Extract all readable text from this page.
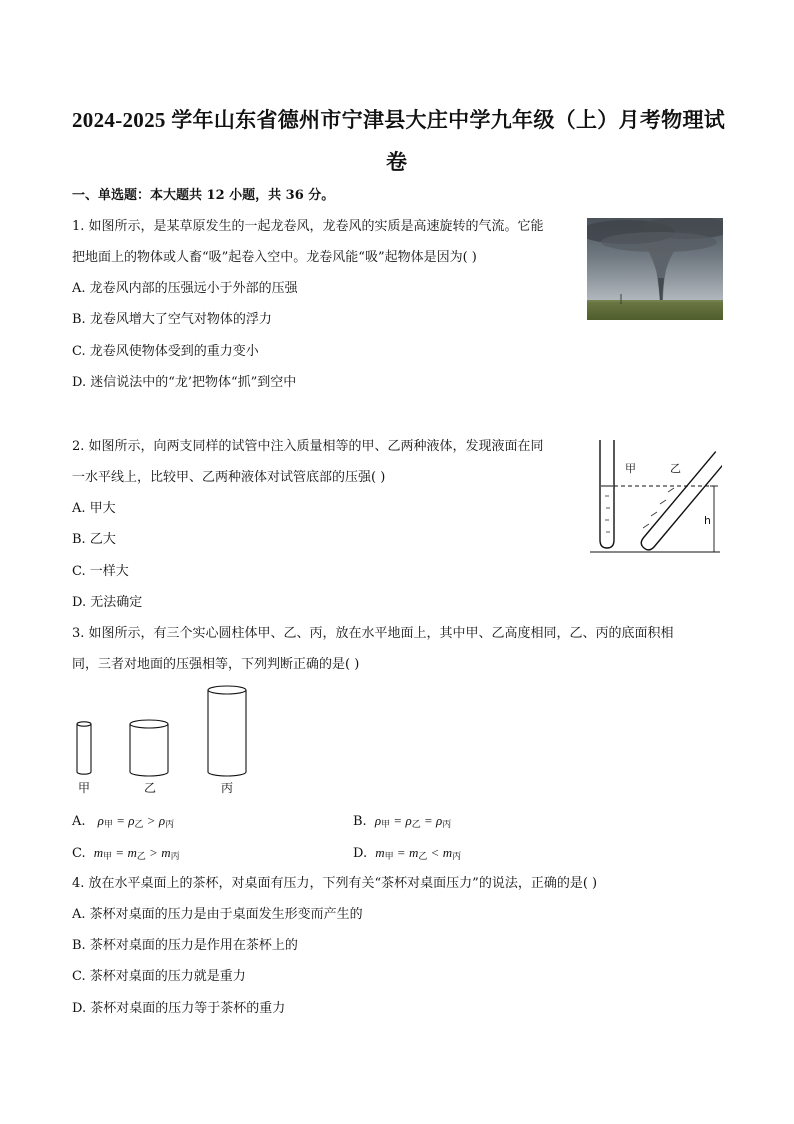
2024-2025 学年山东省德州市宁津县大庄中学九年级（上）月考物理试
卷
一、单选题：本大题共 12 小题，共 36 分。
1. 如图所示，是某草原发生的一起龙卷风，龙卷风的实质是高速旋转的气流。它能
把地面上的物体或人畜“吸”起卷入空中。龙卷风能“吸”起物体是因为( )
A. 龙卷风内部的压强远小于外部的压强
B. 龙卷风增大了空气对物体的浮力
C. 龙卷风使物体受到的重力变小
D. 迷信说法中的“龙’把物体“抓”到空中
2. 如图所示，向两支同样的试管中注入质量相等的甲、乙两种液体，发现液面在同
一水平线上，比较甲、乙两种液体对试管底部的压强( )
A. 甲大
B. 乙大
C. 一样大
D. 无法确定
甲	乙
h
3. 如图所示，有三个实心圆柱体甲、乙、丙，放在水平地面上，其中甲、乙高度相同，乙、丙的底面积相
同，三者对地面的压强相等，下列判断正确的是( )
甲	乙	丙
A. $\rho_甲 = \rho_乙 > \rho_丙$	B. $\rho_甲 = \rho_乙 = \rho_丙$
C. $m_甲 = m_乙 > m_丙$	D. $m_甲 = m_乙 < m_丙$
4. 放在水平桌面上的茶杯，对桌面有压力，下列有关“茶杯对桌面压力”的说法，正确的是( )
A. 茶杯对桌面的压力是由于桌面发生形变而产生的
B. 茶杯对桌面的压力是作用在茶杯上的
C. 茶杯对桌面的压力就是重力
D. 茶杯对桌面的压力等于茶杯的重力
